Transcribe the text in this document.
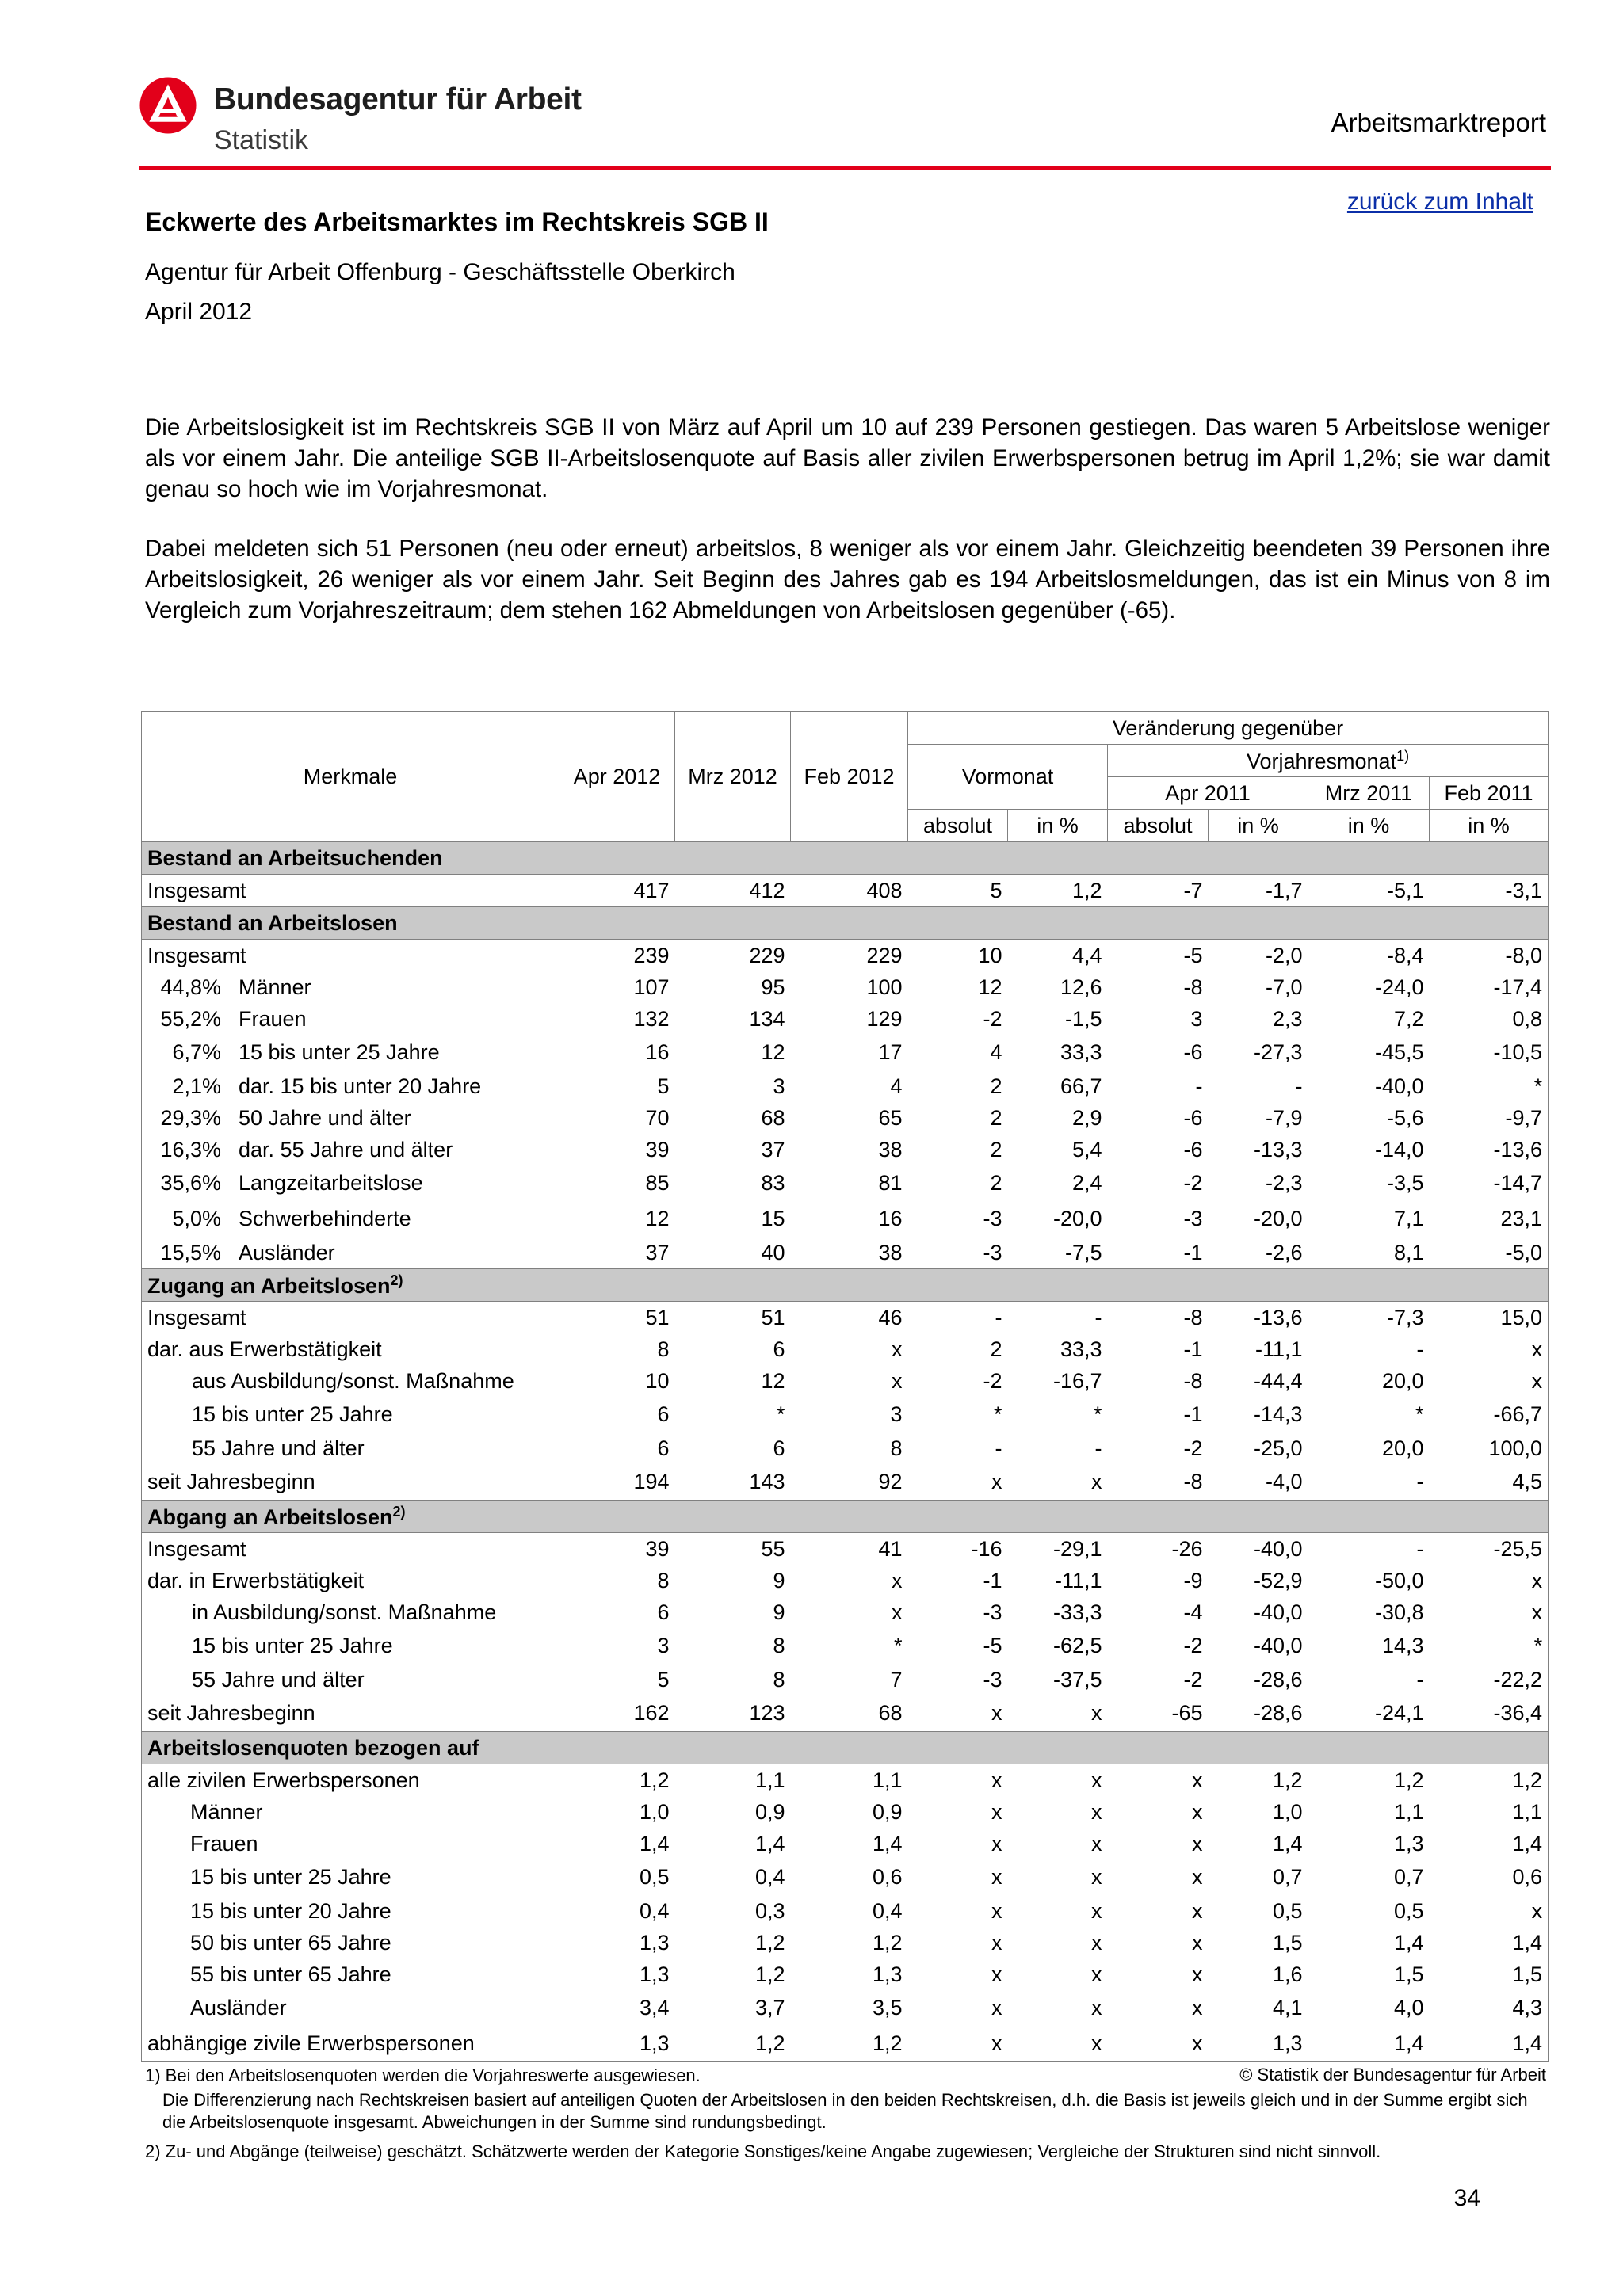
Bundesagentur für Arbeit
Statistik
Arbeitsmarktreport
zurück zum Inhalt
Eckwerte des Arbeitsmarktes im Rechtskreis SGB II
Agentur für Arbeit Offenburg - Geschäftsstelle Oberkirch
April 2012

Die Arbeitslosigkeit ist im Rechtskreis SGB II von März auf April um 10 auf 239 Personen gestiegen. Das waren 5 Arbeitslose weniger als vor einem Jahr. Die anteilige SGB II-Arbeitslosenquote auf Basis aller zivilen Erwerbspersonen betrug im April 1,2%; sie war damit genau so hoch wie im Vorjahresmonat.

Dabei meldeten sich 51 Personen (neu oder erneut) arbeitslos, 8 weniger als vor einem Jahr. Gleichzeitig beendeten 39 Personen ihre Arbeitslosigkeit, 26 weniger als vor einem Jahr. Seit Beginn des Jahres gab es 194 Arbeitslosmeldungen, das ist ein Minus von 8 im Vergleich zum Vorjahreszeitraum; dem stehen 162 Abmeldungen von Arbeitslosen gegenüber (-65).

Merkmale	Apr 2012	Mrz 2012	Feb 2012	Veränderung gegenüber					
				Vormonat		Vorjahresmonat$^{1)}$
						Apr 2011		Mrz 2011	Feb 2011
				absolut	in %	absolut	in %	in %	in %
Bestand an Arbeitsuchenden									
Insgesamt	417	412	408	5	1,2	-7	-1,7	-5,1	-3,1
Bestand an Arbeitslosen									
Insgesamt	239	229	229	10	4,4	-5	-2,0	-8,4	-8,0
44,8% Männer	107	95	100	12	12,6	-8	-7,0	-24,0	-17,4
55,2% Frauen	132	134	129	-2	-1,5	3	2,3	7,2	0,8
6,7% 15 bis unter 25 Jahre	16	12	17	4	33,3	-6	-27,3	-45,5	-10,5
2,1% dar. 15 bis unter 20 Jahre	5	3	4	2	66,7	-	-	-40,0	*
29,3% 50 Jahre und älter	70	68	65	2	2,9	-6	-7,9	-5,6	-9,7
16,3% dar. 55 Jahre und älter	39	37	38	2	5,4	-6	-13,3	-14,0	-13,6
35,6% Langzeitarbeitslose	85	83	81	2	2,4	-2	-2,3	-3,5	-14,7
5,0% Schwerbehinderte	12	15	16	-3	-20,0	-3	-20,0	7,1	23,1
15,5% Ausländer	37	40	38	-3	-7,5	-1	-2,6	8,1	-5,0
Zugang an Arbeitslosen$^{2)}$	
Insgesamt	51	51	46	-	-	-8	-13,6	-7,3	15,0
dar. aus Erwerbstätigkeit	8	6	x	2	33,3	-1	-11,1	-	x
aus Ausbildung/sonst. Maßnahme	10	12	x	-2	-16,7	-8	-44,4	20,0	x
15 bis unter 25 Jahre	6	*	3	*	*	-1	-14,3	*	-66,7
55 Jahre und älter	6	6	8	-	-	-2	-25,0	20,0	100,0
seit Jahresbeginn	194	143	92	x	x	-8	-4,0	-	4,5
Abgang an Arbeitslosen$^{2)}$	
Insgesamt	39	55	41	-16	-29,1	-26	-40,0	-	-25,5
dar. in Erwerbstätigkeit	8	9	x	-1	-11,1	-9	-52,9	-50,0	x
in Ausbildung/sonst. Maßnahme	6	9	x	-3	-33,3	-4	-40,0	-30,8	x
15 bis unter 25 Jahre	3	8	*	-5	-62,5	-2	-40,0	14,3	*
55 Jahre und älter	5	8	7	-3	-37,5	-2	-28,6	-	-22,2
seit Jahresbeginn	162	123	68	x	x	-65	-28,6	-24,1	-36,4
Arbeitslosenquoten bezogen auf									
alle zivilen Erwerbspersonen	1,2	1,1	1,1	x	x	x	1,2	1,2	1,2
Männer	1,0	0,9	0,9	x	x	x	1,0	1,1	1,1
Frauen	1,4	1,4	1,4	x	x	x	1,4	1,3	1,4
15 bis unter 25 Jahre	0,5	0,4	0,6	x	x	x	0,7	0,7	0,6
15 bis unter 20 Jahre	0,4	0,3	0,4	x	x	x	0,5	0,5	x
50 bis unter 65 Jahre	1,3	1,2	1,2	x	x	x	1,5	1,4	1,4
55 bis unter 65 Jahre	1,3	1,2	1,3	x	x	x	1,6	1,5	1,5
Ausländer	3,4	3,7	3,5	x	x	x	4,1	4,0	4,3
abhängige zivile Erwerbspersonen	1,3	1,2	1,2	x	x	x	1,3	1,4	1,4

1) Bei den Arbeitslosenquoten werden die Vorjahreswerte ausgewiesen.	© Statistik der Bundesagentur für Arbeit

Die Differenzierung nach Rechtskreisen basiert auf anteiligen Quoten der Arbeitslosen in den beiden Rechtskreisen, d.h. die Basis ist jeweils gleich und in der Summe ergibt sich die Arbeitslosenquote insgesamt. Abweichungen in der Summe sind rundungsbedingt.

2) Zu- und Abgänge (teilweise) geschätzt. Schätzwerte werden der Kategorie Sonstiges/keine Angabe zugewiesen; Vergleiche der Strukturen sind nicht sinnvoll.

34
